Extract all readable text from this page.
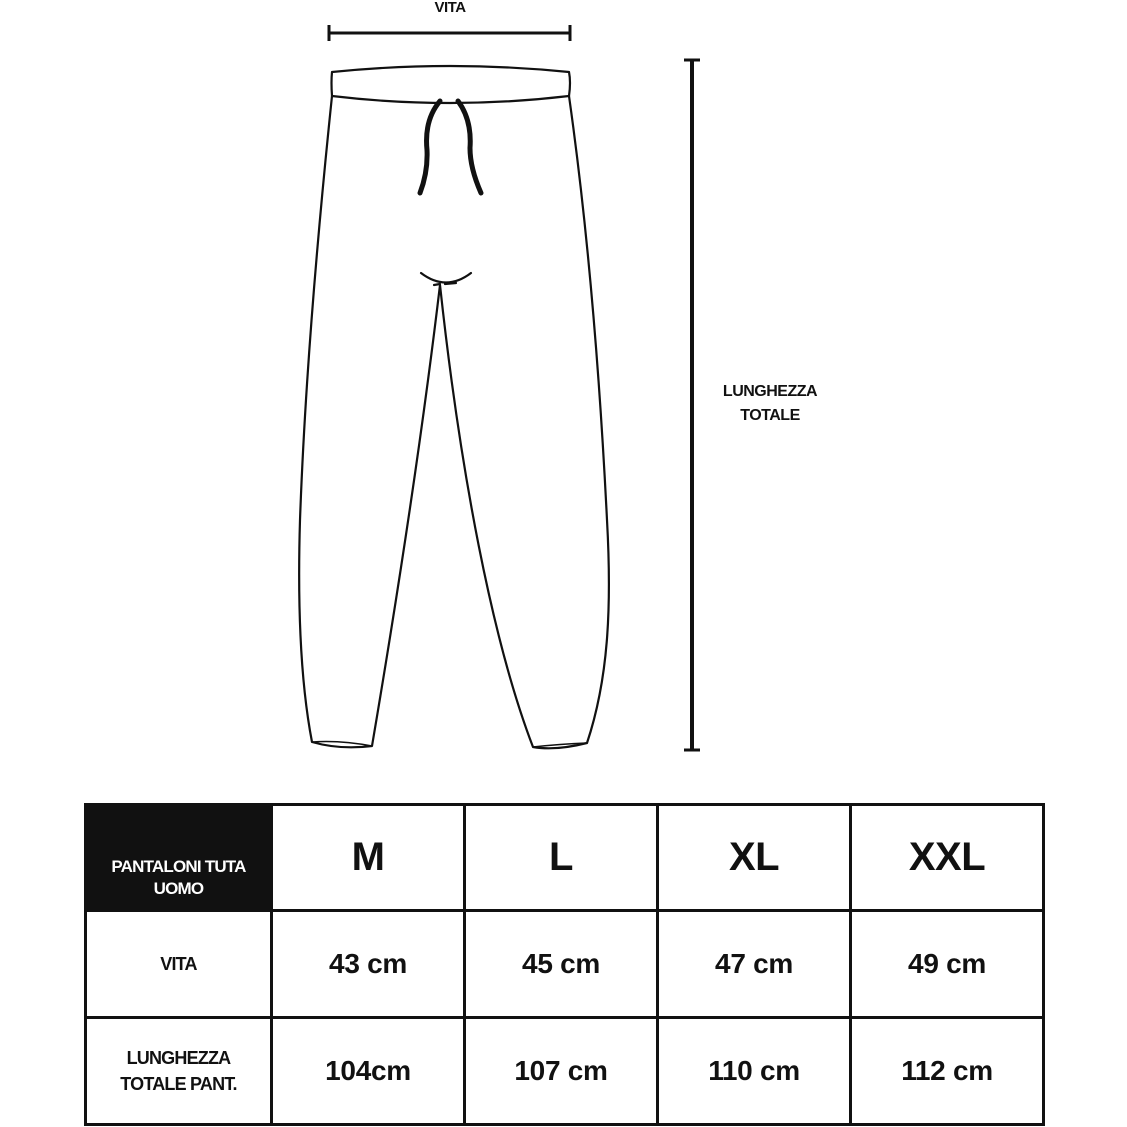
VITA
LUNGHEZZA
TOTALE
PANTALONI TUTA
UOMO	M	L	XL	XXL

VITA	43 cm	45 cm	47 cm	49 cm

LUNGHEZZA
TOTALE PANT.	104cm	107 cm	110 cm	112 cm
